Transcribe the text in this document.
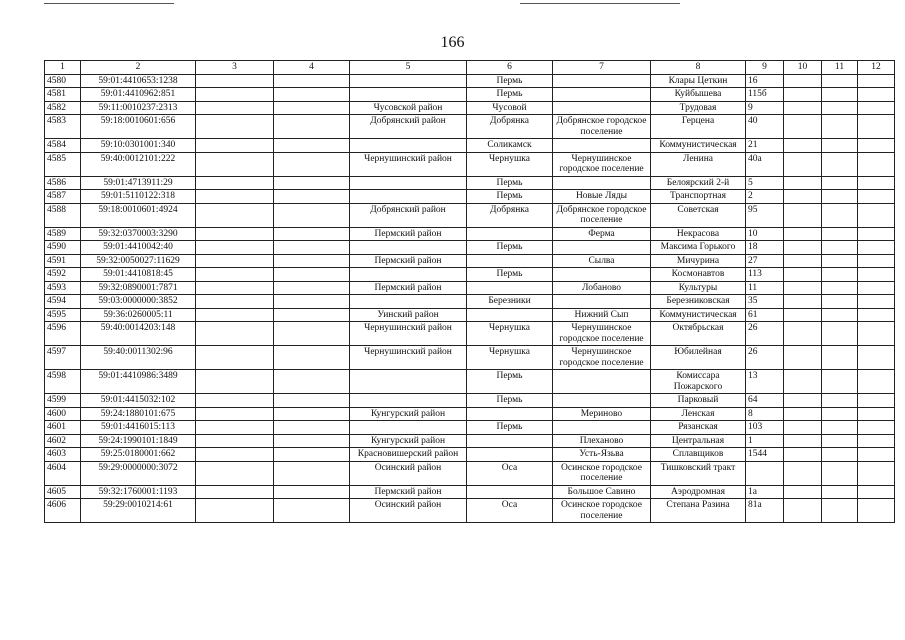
166
1	2	3	4	5	6	7	8	9	10	11	12
4580	59:01:4410653:1238				Пермь		Клары Цеткин	16			
4581	59:01:4410962:851				Пермь		Куйбышева	115б			
4582	59:11:0010237:2313			Чусовской район	Чусовой		Трудовая	9			
4583	59:18:0010601:656			Добрянский район	Добрянка	Добрянское городское поселение	Герцена	40			
4584	59:10:0301001:340				Соликамск		Коммунистическая	21			
4585	59:40:0012101:222			Чернушинский район	Чернушка	Чернушинское городское поселение	Ленина	40а			
4586	59:01:4713911:29				Пермь		Белоярский 2-й	5			
4587	59:01:5110122:318				Пермь	Новые Ляды	Транспортная	2			
4588	59:18:0010601:4924			Добрянский район	Добрянка	Добрянское городское поселение	Советская	95			
4589	59:32:0370003:3290			Пермский район		Ферма	Некрасова	10			
4590	59:01:4410042:40				Пермь		Максима Горького	18			
4591	59:32:0050027:11629			Пермский район		Сылва	Мичурина	27			
4592	59:01:4410818:45				Пермь		Космонавтов	113			
4593	59:32:0890001:7871			Пермский район		Лобаново	Культуры	11			
4594	59:03:0000000:3852				Березники		Березниковская	35			
4595	59:36:0260005:11			Уинский район		Нижний Сып	Коммунистическая	61			
4596	59:40:0014203:148			Чернушинский район	Чернушка	Чернушинское городское поселение	Октябрьская	26			
4597	59:40:0011302:96			Чернушинский район	Чернушка	Чернушинское городское поселение	Юбилейная	26			
4598	59:01:4410986:3489				Пермь		Комиссара Пожарского	13			
4599	59:01:4415032:102				Пермь		Парковый	64			
4600	59:24:1880101:675			Кунгурский район		Мериново	Ленская	8			
4601	59:01:4416015:113				Пермь		Рязанская	103			
4602	59:24:1990101:1849			Кунгурский район		Плеханово	Центральная	1			
4603	59:25:0180001:662			Красновишерский район		Усть-Язьва	Сплавщиков	1544			
4604	59:29:0000000:3072			Осинский район	Оса	Осинское городское поселение	Тишковский тракт				
4605	59:32:1760001:1193			Пермский район		Большое Савино	Аэродромная	1а			
4606	59:29:0010214:61			Осинский район	Оса	Осинское городское поселение	Степана Разина	81а			
